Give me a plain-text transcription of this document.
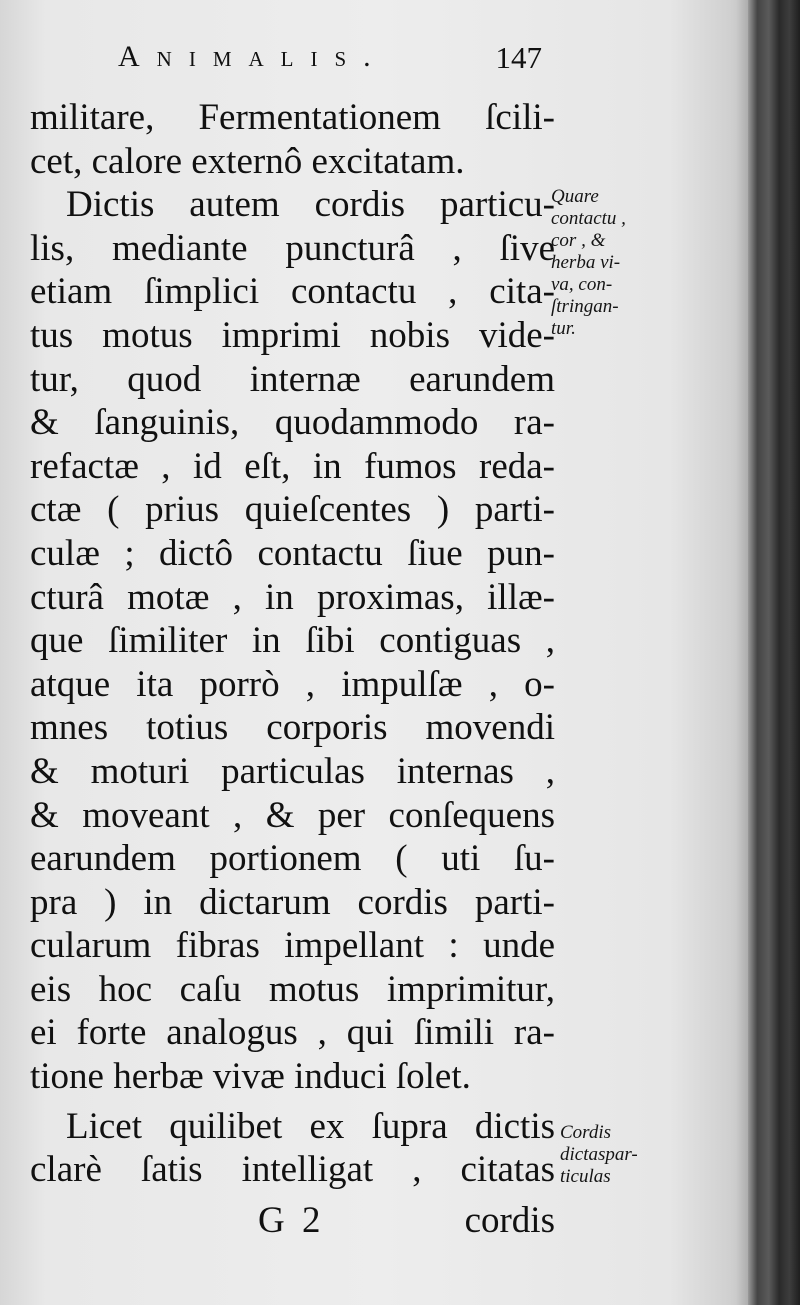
Animalis.	147
militare, Fermentationem ſcili-
cet, calore externô excitatam.
Dictis autem cordis particu-
lis, mediante puncturâ , ſive
etiam ſimplici contactu , cita-
tus motus imprimi nobis vide-
tur, quod internæ earundem
& ſanguinis, quodammodo ra-
refactæ , id eſt, in fumos reda-
ctæ ( prius quieſcentes ) parti-
culæ ; dictô contactu ſiue pun-
cturâ motæ , in proximas, illæ-
que ſimiliter in ſibi contiguas ,
atque ita porrò , impulſæ , o-
mnes totius corporis movendi
& moturi particulas internas ,
& moveant , & per conſequens
earundem portionem ( uti ſu-
pra ) in dictarum cordis parti-
cularum fibras impellant : unde
eis hoc caſu motus imprimitur,
ei forte analogus , qui ſimili ra-
tione herbæ vivæ induci ſolet.
Licet quilibet ex ſupra dictis
clarè ſatis intelligat , citatas
Quare
contactu ,
cor , &
herba vi-
va, con-
ſtringan-
tur.
Cordis
dictaspar-
ticulas
G 2	cordis
